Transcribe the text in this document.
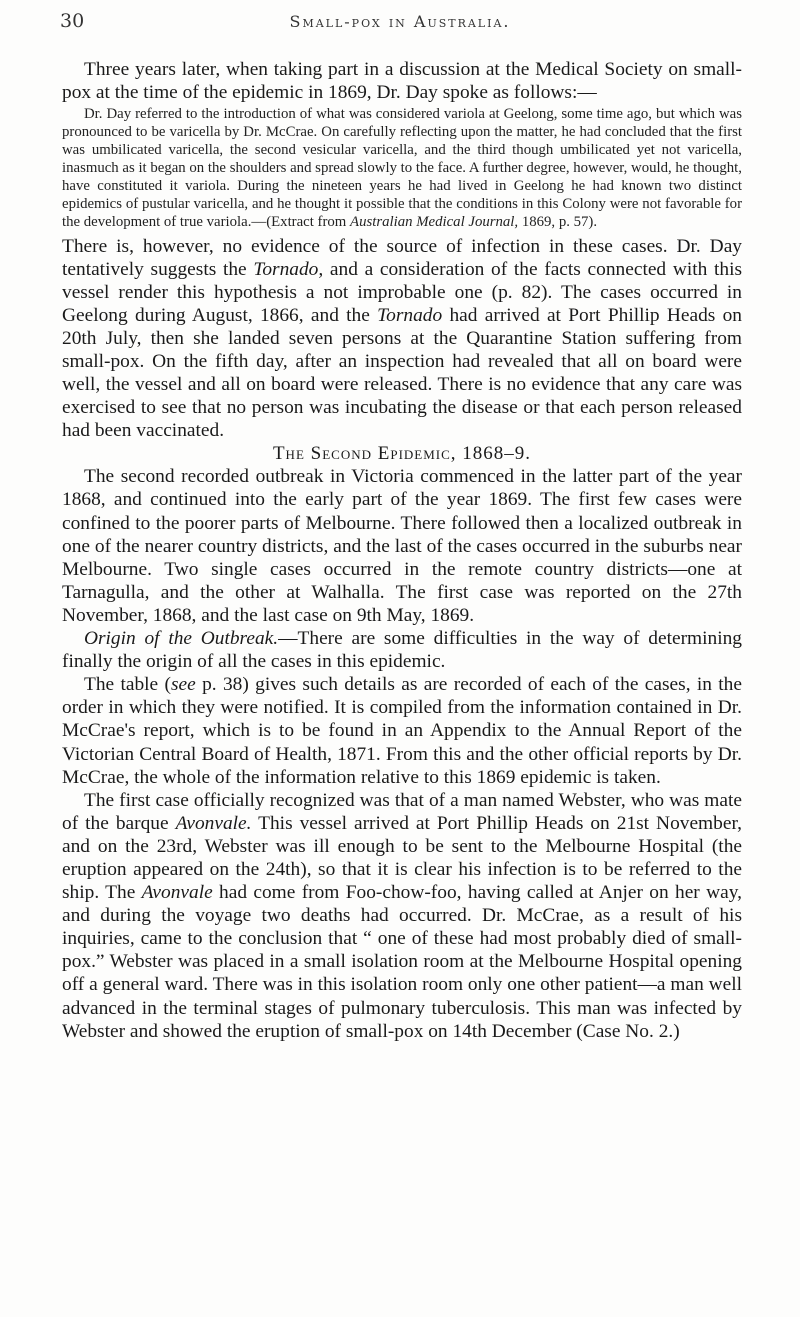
30	Small-pox in Australia.

Three years later, when taking part in a discussion at the Medical Society on small-pox at the time of the epidemic in 1869, Dr. Day spoke as follows:—

Dr. Day referred to the introduction of what was considered variola at Geelong, some time ago, but which was pronounced to be varicella by Dr. McCrae. On carefully reflecting upon the matter, he had concluded that the first was umbilicated varicella, the second vesicular varicella, and the third though umbilicated yet not varicella, inasmuch as it began on the shoulders and spread slowly to the face. A further degree, however, would, he thought, have constituted it variola. During the nineteen years he had lived in Geelong he had known two distinct epidemics of pustular varicella, and he thought it possible that the conditions in this Colony were not favorable for the development of true variola.—(Extract from Australian Medical Journal, 1869, p. 57).

There is, however, no evidence of the source of infection in these cases. Dr. Day tentatively suggests the Tornado, and a consideration of the facts connected with this vessel render this hypothesis a not improbable one (p. 82). The cases occurred in Geelong during August, 1866, and the Tornado had arrived at Port Phillip Heads on 20th July, then she landed seven persons at the Quarantine Station suffering from small-pox. On the fifth day, after an inspection had revealed that all on board were well, the vessel and all on board were released. There is no evidence that any care was exercised to see that no person was incubating the disease or that each person released had been vaccinated.

The Second Epidemic, 1868–9.

The second recorded outbreak in Victoria commenced in the latter part of the year 1868, and continued into the early part of the year 1869. The first few cases were confined to the poorer parts of Melbourne. There followed then a localized outbreak in one of the nearer country districts, and the last of the cases occurred in the suburbs near Melbourne. Two single cases occurred in the remote country districts—one at Tarnagulla, and the other at Walhalla. The first case was reported on the 27th November, 1868, and the last case on 9th May, 1869.

Origin of the Outbreak.—There are some difficulties in the way of determining finally the origin of all the cases in this epidemic.

The table (see p. 38) gives such details as are recorded of each of the cases, in the order in which they were notified. It is compiled from the information contained in Dr. McCrae's report, which is to be found in an Appendix to the Annual Report of the Victorian Central Board of Health, 1871. From this and the other official reports by Dr. McCrae, the whole of the information relative to this 1869 epidemic is taken.

The first case officially recognized was that of a man named Webster, who was mate of the barque Avonvale. This vessel arrived at Port Phillip Heads on 21st November, and on the 23rd, Webster was ill enough to be sent to the Melbourne Hospital (the eruption appeared on the 24th), so that it is clear his infection is to be referred to the ship. The Avonvale had come from Foo-chow-foo, having called at Anjer on her way, and during the voyage two deaths had occurred. Dr. McCrae, as a result of his inquiries, came to the conclusion that “ one of these had most probably died of small-pox.” Webster was placed in a small isolation room at the Melbourne Hospital opening off a general ward. There was in this isolation room only one other patient—a man well advanced in the terminal stages of pulmonary tuberculosis. This man was infected by Webster and showed the eruption of small-pox on 14th December (Case No. 2.)
